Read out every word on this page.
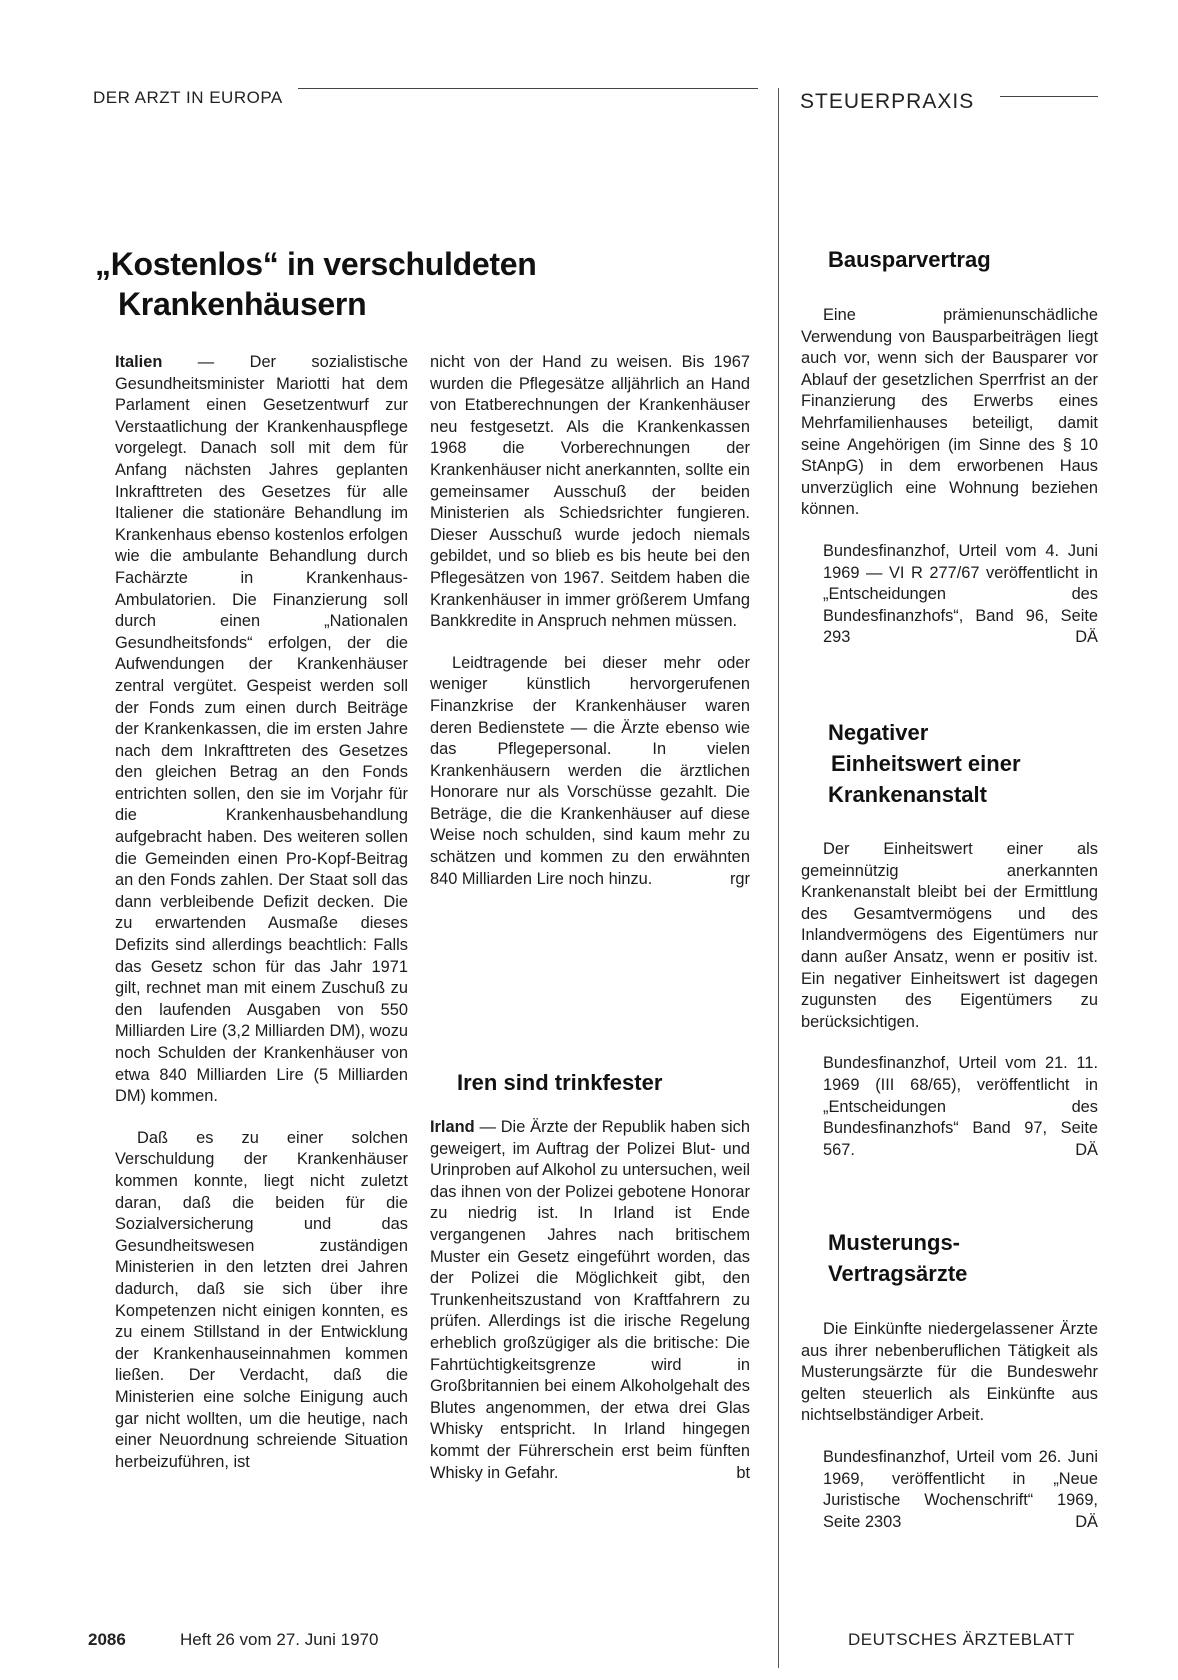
DER ARZT IN EUROPA	STEUERPRAXIS
„Kostenlos“ in verschuldeten
Krankenhäusern

Italien — Der sozialistische Gesundheitsminister Mariotti hat dem Parlament einen Gesetzentwurf zur Verstaatlichung der Krankenhauspflege vorgelegt. Danach soll mit dem für Anfang nächsten Jahres geplanten Inkrafttreten des Gesetzes für alle Italiener die stationäre Behandlung im Krankenhaus ebenso kostenlos erfolgen wie die ambulante Behandlung durch Fachärzte in Krankenhaus-Ambulatorien. Die Finanzierung soll durch einen „Nationalen Gesundheitsfonds“ erfolgen, der die Aufwendungen der Krankenhäuser zentral vergütet. Gespeist werden soll der Fonds zum einen durch Beiträge der Krankenkassen, die im ersten Jahre nach dem Inkrafttreten des Gesetzes den gleichen Betrag an den Fonds entrichten sollen, den sie im Vorjahr für die Krankenhausbehandlung aufgebracht haben. Des weiteren sollen die Gemeinden einen Pro-Kopf-Beitrag an den Fonds zahlen. Der Staat soll das dann verbleibende Defizit decken. Die zu erwartenden Ausmaße dieses Defizits sind allerdings beachtlich: Falls das Gesetz schon für das Jahr 1971 gilt, rechnet man mit einem Zuschuß zu den laufenden Ausgaben von 550 Milliarden Lire (3,2 Milliarden DM), wozu noch Schulden der Krankenhäuser von etwa 840 Milliarden Lire (5 Milliarden DM) kommen.

Daß es zu einer solchen Verschuldung der Krankenhäuser kommen konnte, liegt nicht zuletzt daran, daß die beiden für die Sozialversicherung und das Gesundheitswesen zuständigen Ministerien in den letzten drei Jahren dadurch, daß sie sich über ihre Kompetenzen nicht einigen konnten, es zu einem Stillstand in der Entwicklung der Krankenhauseinnahmen kommen ließen. Der Verdacht, daß die Ministerien eine solche Einigung auch gar nicht wollten, um die heutige, nach einer Neuordnung schreiende Situation herbeizuführen, ist

nicht von der Hand zu weisen. Bis 1967 wurden die Pflegesätze alljährlich an Hand von Etatberechnungen der Krankenhäuser neu festgesetzt. Als die Krankenkassen 1968 die Vorberechnungen der Krankenhäuser nicht anerkannten, sollte ein gemeinsamer Ausschuß der beiden Ministerien als Schiedsrichter fungieren. Dieser Ausschuß wurde jedoch niemals gebildet, und so blieb es bis heute bei den Pflegesätzen von 1967. Seitdem haben die Krankenhäuser in immer größerem Umfang Bankkredite in Anspruch nehmen müssen.

Leidtragende bei dieser mehr oder weniger künstlich hervorgerufenen Finanzkrise der Krankenhäuser waren deren Bedienstete — die Ärzte ebenso wie das Pflegepersonal. In vielen Krankenhäusern werden die ärztlichen Honorare nur als Vorschüsse gezahlt. Die Beträge, die die Krankenhäuser auf diese Weise noch schulden, sind kaum mehr zu schätzen und kommen zu den erwähnten 840 Milliarden Lire noch hinzu.	rgr

Iren sind trinkfester

Irland — Die Ärzte der Republik haben sich geweigert, im Auftrag der Polizei Blut- und Urinproben auf Alkohol zu untersuchen, weil das ihnen von der Polizei gebotene Honorar zu niedrig ist. In Irland ist Ende vergangenen Jahres nach britischem Muster ein Gesetz eingeführt worden, das der Polizei die Möglichkeit gibt, den Trunkenheitszustand von Kraftfahrern zu prüfen. Allerdings ist die irische Regelung erheblich großzügiger als die britische: Die Fahrtüchtigkeitsgrenze wird in Großbritannien bei einem Alkoholgehalt des Blutes angenommen, der etwa drei Glas Whisky entspricht. In Irland hingegen kommt der Führerschein erst beim fünften Whisky in Gefahr.	bt

Bausparvertrag

Eine prämienunschädliche Verwendung von Bausparbeiträgen liegt auch vor, wenn sich der Bausparer vor Ablauf der gesetzlichen Sperrfrist an der Finanzierung des Erwerbs eines Mehrfamilienhauses beteiligt, damit seine Angehörigen (im Sinne des § 10 StAnpG) in dem erworbenen Haus unverzüglich eine Wohnung beziehen können.

Bundesfinanzhof, Urteil vom 4. Juni 1969 — VI R 277/67 veröffentlicht in „Entscheidungen des Bundesfinanzhofs“, Band 96, Seite 293	DÄ

Negativer
Einheitswert einer
Krankenanstalt

Der Einheitswert einer als gemeinnützig anerkannten Krankenanstalt bleibt bei der Ermittlung des Gesamtvermögens und des Inlandvermögens des Eigentümers nur dann außer Ansatz, wenn er positiv ist. Ein negativer Einheitswert ist dagegen zugunsten des Eigentümers zu berücksichtigen.

Bundesfinanzhof, Urteil vom 21. 11. 1969 (III 68/65), veröffentlicht in „Entscheidungen des Bundesfinanzhofs“ Band 97, Seite 567.	DÄ

Musterungs-
Vertragsärzte

Die Einkünfte niedergelassener Ärzte aus ihrer nebenberuflichen Tätigkeit als Musterungsärzte für die Bundeswehr gelten steuerlich als Einkünfte aus nichtselbständiger Arbeit.

Bundesfinanzhof, Urteil vom 26. Juni 1969, veröffentlicht in „Neue Juristische Wochenschrift“ 1969, Seite 2303	DÄ

2086	Heft 26 vom 27. Juni 1970	DEUTSCHES ÄRZTEBLATT
